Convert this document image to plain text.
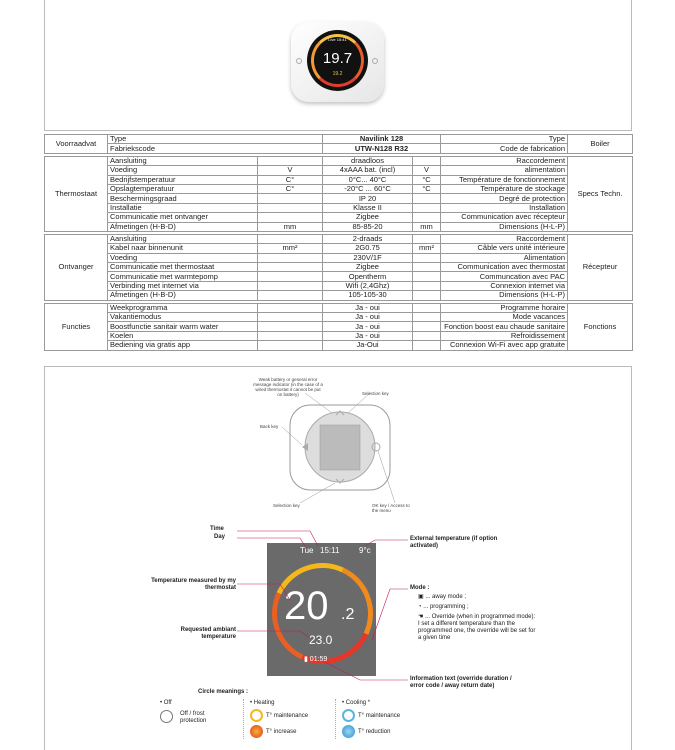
Live 15:41
19.7
19.2
Voorraadvat	Type		Navilink 128		Type	Boiler
	Fabriekscode		UTW-N128 R32		Code de fabrication	

Thermostaat	Aansluiting		draadloos		Raccordement	Specs Techn.
	Voeding	V	4xAAA bat. (incl)	V	alimentation	
	Bedrijfstemperatuur	C°	0°C... 40°C	°C	Température de fonctionnement	
	Opslagtemperatuur	C°	-20°C ... 60°C	°C	Température de stockage	
	Beschermingsgraad		IP 20		Degré de protection	
	Installatie		Klasse II		Installation	
	Communicatie met ontvanger		Zigbee		Communication avec récepteur	
	Afmetingen (H-B-D)	mm	85-85-20	mm	Dimensions (H-L-P)	

Ontvanger	Aansluiting		2-draads		Raccordement	Récepteur
	Kabel naar binnenunit	mm²	2G0.75	mm²	Câble vers unité intérieure	
	Voeding		230V/1F		Alimentation	
	Communicatie met thermostaat		Zigbee		Communication avec thermostat	
	Communicatie met warmtepomp		Opentherm		Communcation avec PAC	
	Verbinding met internet via		Wifi (2,4Ghz)		Connexion internet via	
	Afmetingen (H-B-D)		105-105-30		Dimensions (H-L-P)	

Functies	Weekprogramma		Ja - oui		Programme horaire	Fonctions
	Vakantiemodus		Ja - oui		Mode vacances	
	Boostfunctie sanitair warm water		Ja - oui		Fonction boost eau chaude sanitaire	
	Koelen		Ja - oui		Refroidissement	
	Bediening via gratis app		Ja-Oui		Connexion Wi-Fi avec app gratuite	
Weak battery or general error message indicator (in the case of a wired thermostat it cannot be put on battery)	Selection key
Back key
Selection key	OK key / Access to the menu
Tue 15:11 9°c
20 .2
23.0
▮ 01:59
Time
Day
Temperature measured by my thermostat
Requested ambiant temperature
External temperature (if option activated)
Mode :
▣ ... away mode ;
◔ ... programming ;
☚ ... Override (when in programmed mode): I set a different temperature than the programmed one, the override will be set for a given time
Information text (override duration / error code / away return date)
Circle meanings :
• Off
Off / frost protection
• Heating
T° maintenance
T° increase
• Cooling *
T° maintenance
T° reduction
